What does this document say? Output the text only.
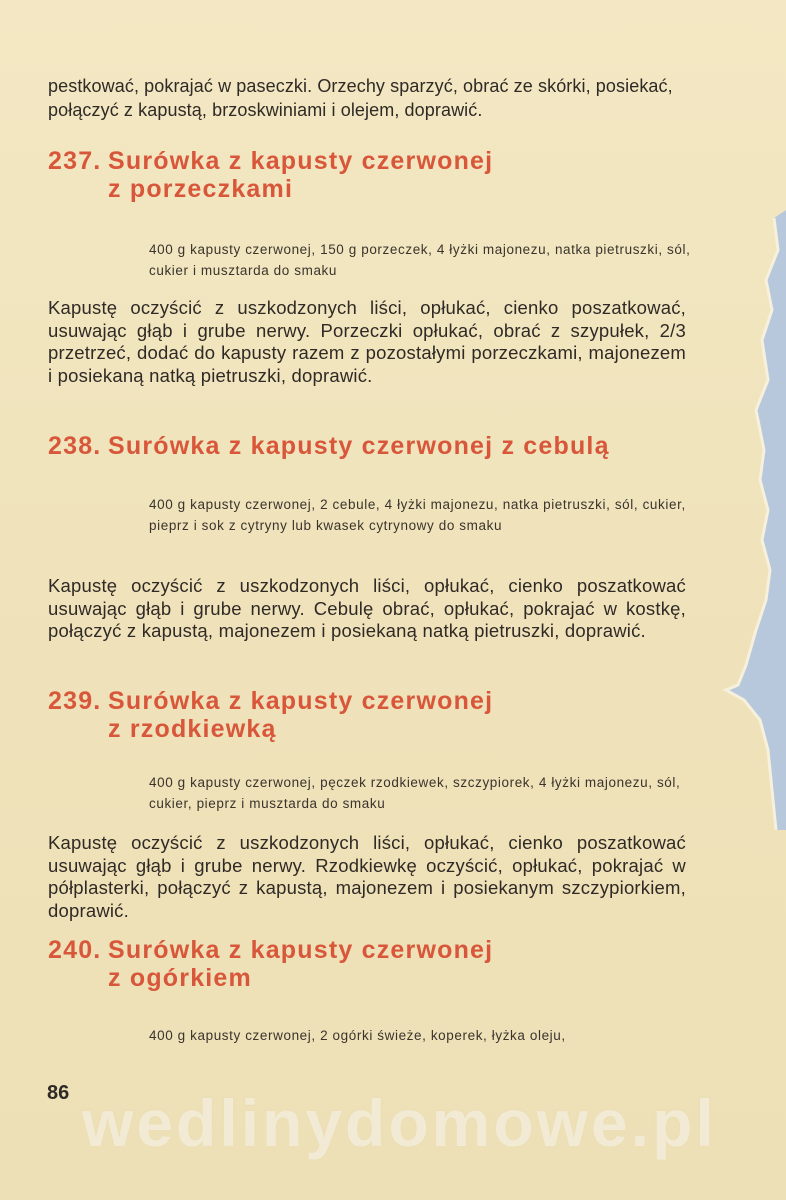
pestkować, pokrajać w paseczki. Orzechy sparzyć, obrać ze skórki, posiekać, połączyć z kapustą, brzoskwiniami i olejem, doprawić.
237. Surówka z kapusty czerwonej
z porzeczkami
400 g kapusty czerwonej, 150 g porzeczek, 4 łyżki majonezu, natka pietruszki, sól, cukier i musztarda do smaku
Kapustę oczyścić z uszkodzonych liści, opłukać, cienko poszatkować, usuwając głąb i grube nerwy. Porzeczki opłukać, obrać z szypułek, 2/3 przetrzeć, dodać do kapusty razem z pozostałymi porzeczkami, majonezem i posiekaną natką pietruszki, doprawić.
238. Surówka z kapusty czerwonej z cebulą
400 g kapusty czerwonej, 2 cebule, 4 łyżki majonezu, natka pietruszki, sól, cukier, pieprz i sok z cytryny lub kwasek cytrynowy do smaku
Kapustę oczyścić z uszkodzonych liści, opłukać, cienko poszatkować usuwając głąb i grube nerwy. Cebulę obrać, opłukać, pokrajać w kostkę, połączyć z kapustą, majonezem i posiekaną natką pietruszki, doprawić.
239. Surówka z kapusty czerwonej
z rzodkiewką
400 g kapusty czerwonej, pęczek rzodkiewek, szczypiorek, 4 łyżki majonezu, sól, cukier, pieprz i musztarda do smaku
Kapustę oczyścić z uszkodzonych liści, opłukać, cienko poszatkować usuwając głąb i grube nerwy. Rzodkiewkę oczyścić, opłukać, pokrajać w półplasterki, połączyć z kapustą, majonezem i posiekanym szczypiorkiem, doprawić.
240. Surówka z kapusty czerwonej
z ogórkiem
400 g kapusty czerwonej, 2 ogórki świeże, koperek, łyżka oleju,
86 wedlinydomowe.pl
